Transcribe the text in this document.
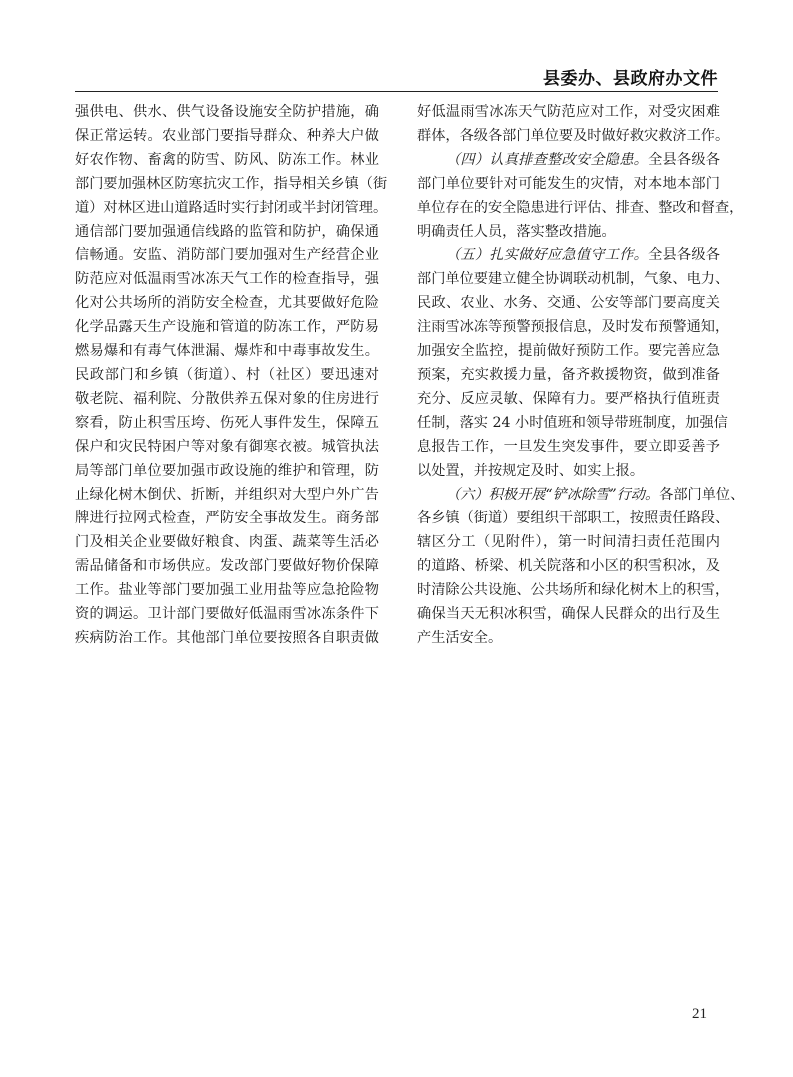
县委办、县政府办文件
强供电、供水、供气设备设施安全防护措施，确
保正常运转。农业部门要指导群众、种养大户做
好农作物、畜禽的防雪、防风、防冻工作。林业
部门要加强林区防寒抗灾工作，指导相关乡镇（街
道）对林区进山道路适时实行封闭或半封闭管理。
通信部门要加强通信线路的监管和防护，确保通
信畅通。安监、消防部门要加强对生产经营企业
防范应对低温雨雪冰冻天气工作的检查指导，强
化对公共场所的消防安全检查，尤其要做好危险
化学品露天生产设施和管道的防冻工作，严防易
燃易爆和有毒气体泄漏、爆炸和中毒事故发生。
民政部门和乡镇（街道）、村（社区）要迅速对
敬老院、福利院、分散供养五保对象的住房进行
察看，防止积雪压垮、伤死人事件发生，保障五
保户和灾民特困户等对象有御寒衣被。城管执法
局等部门单位要加强市政设施的维护和管理，防
止绿化树木倒伏、折断，并组织对大型户外广告
牌进行拉网式检查，严防安全事故发生。商务部
门及相关企业要做好粮食、肉蛋、蔬菜等生活必
需品储备和市场供应。发改部门要做好物价保障
工作。盐业等部门要加强工业用盐等应急抢险物
资的调运。卫计部门要做好低温雨雪冰冻条件下
疾病防治工作。其他部门单位要按照各自职责做
好低温雨雪冰冻天气防范应对工作，对受灾困难
群体，各级各部门单位要及时做好救灾救济工作。
（四）认真排查整改安全隐患。全县各级各
部门单位要针对可能发生的灾情，对本地本部门
单位存在的安全隐患进行评估、排查、整改和督查，
明确责任人员，落实整改措施。
（五）扎实做好应急值守工作。全县各级各
部门单位要建立健全协调联动机制，气象、电力、
民政、农业、水务、交通、公安等部门要高度关
注雨雪冰冻等预警预报信息，及时发布预警通知，
加强安全监控，提前做好预防工作。要完善应急
预案，充实救援力量，备齐救援物资，做到准备
充分、反应灵敏、保障有力。要严格执行值班责
任制，落实 24 小时值班和领导带班制度，加强信
息报告工作，一旦发生突发事件，要立即妥善予
以处置，并按规定及时、如实上报。
（六）积极开展“铲冰除雪”行动。各部门单位、
各乡镇（街道）要组织干部职工，按照责任路段、
辖区分工（见附件），第一时间清扫责任范围内
的道路、桥梁、机关院落和小区的积雪积冰，及
时清除公共设施、公共场所和绿化树木上的积雪，
确保当天无积冰积雪，确保人民群众的出行及生
产生活安全。
21
